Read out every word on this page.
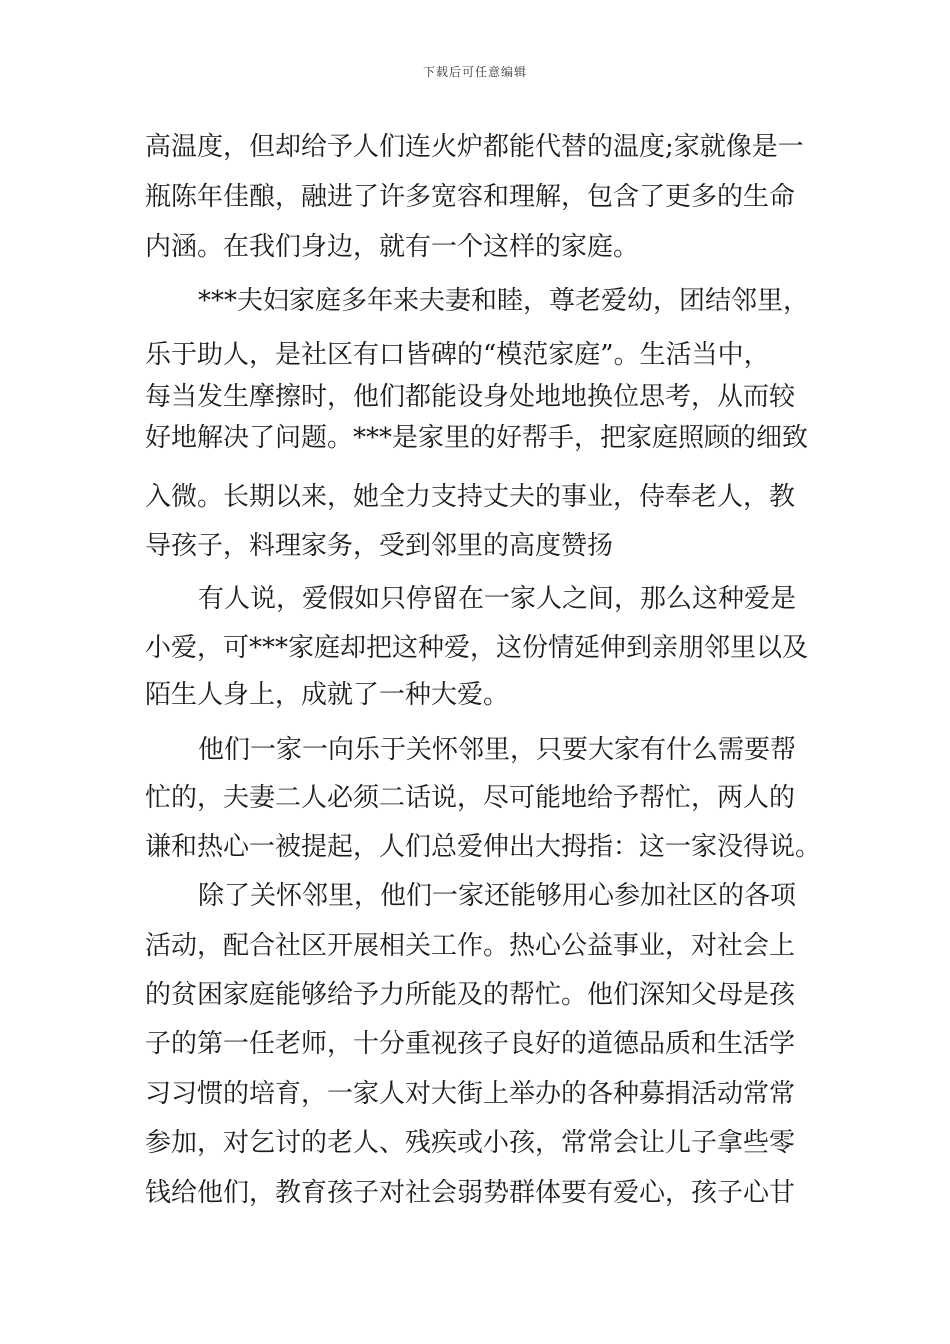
下载后可任意编辑
高温度，但却给予人们连火炉都能代替的温度;家就像是一
瓶陈年佳酿，融进了许多宽容和理解，包含了更多的生命
内涵。在我们身边，就有一个这样的家庭。
***夫妇家庭多年来夫妻和睦，尊老爱幼，团结邻里，
乐于助人，是社区有口皆碑的“模范家庭”。生活当中，
每当发生摩擦时，他们都能设身处地地换位思考，从而较
好地解决了问题。***是家里的好帮手，把家庭照顾的细致
入微。长期以来，她全力支持丈夫的事业，侍奉老人，教
导孩子，料理家务，受到邻里的高度赞扬
有人说，爱假如只停留在一家人之间，那么这种爱是
小爱，可***家庭却把这种爱，这份情延伸到亲朋邻里以及
陌生人身上，成就了一种大爱。
他们一家一向乐于关怀邻里，只要大家有什么需要帮
忙的，夫妻二人必须二话说，尽可能地给予帮忙，两人的
谦和热心一被提起，人们总爱伸出大拇指：这一家没得说。
除了关怀邻里，他们一家还能够用心参加社区的各项
活动，配合社区开展相关工作。热心公益事业，对社会上
的贫困家庭能够给予力所能及的帮忙。他们深知父母是孩
子的第一任老师，十分重视孩子良好的道德品质和生活学
习习惯的培育，一家人对大街上举办的各种募捐活动常常
参加，对乞讨的老人、残疾或小孩，常常会让儿子拿些零
钱给他们，教育孩子对社会弱势群体要有爱心，孩子心甘
